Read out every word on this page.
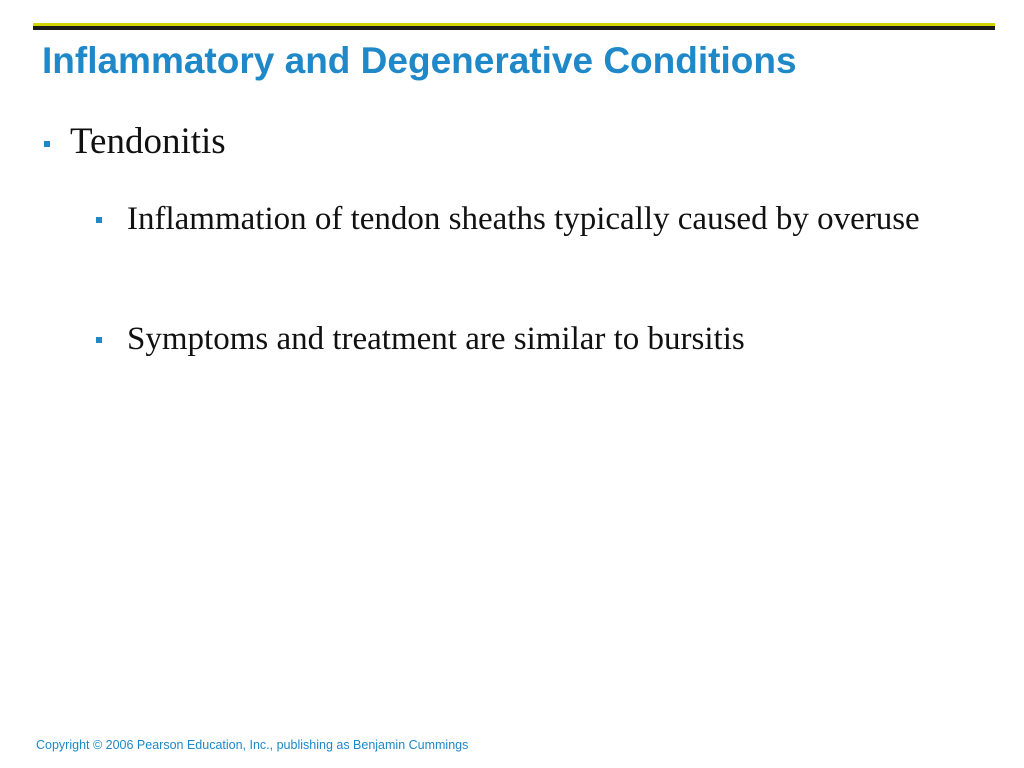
Inflammatory and Degenerative Conditions
Tendonitis
Inflammation of tendon sheaths typically caused by overuse
Symptoms and treatment are similar to bursitis
Copyright © 2006 Pearson Education, Inc., publishing as Benjamin Cummings
